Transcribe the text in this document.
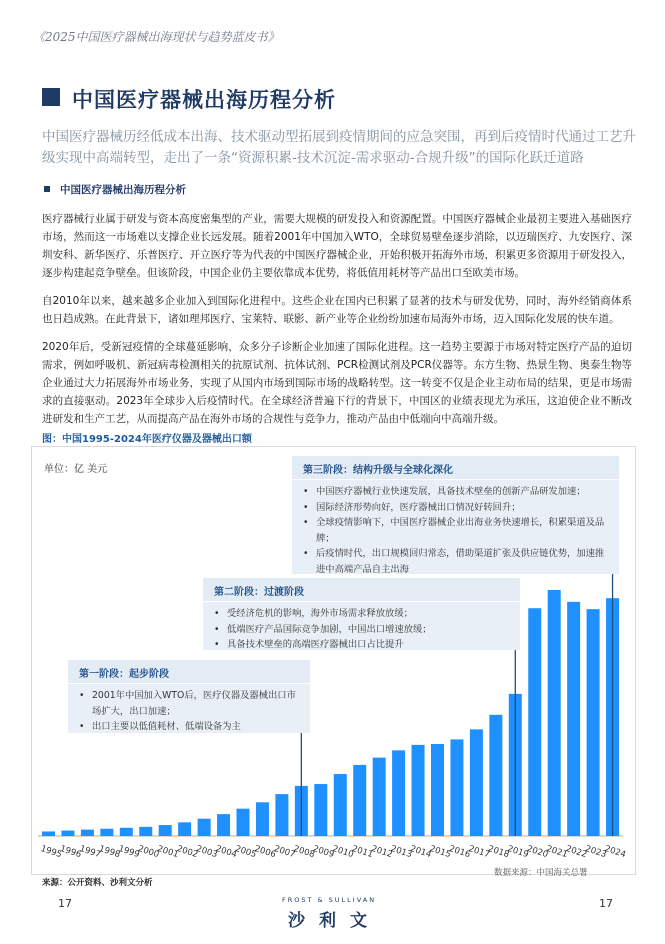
《2025中国医疗器械出海现状与趋势蓝皮书》
中国医疗器械出海历程分析
中国医疗器械历经低成本出海、技术驱动型拓展到疫情期间的应急突围，再到后疫情时代通过工艺升级实现中高端转型，走出了一条“资源积累-技术沉淀-需求驱动-合规升级”的国际化跃迁道路
中国医疗器械出海历程分析
医疗器械行业属于研发与资本高度密集型的产业，需要大规模的研发投入和资源配置。中国医疗器械企业最初主要进入基础医疗市场，然而这一市场难以支撑企业长远发展。随着2001年中国加入WTO，全球贸易壁垒逐步消除，以迈瑞医疗、九安医疗、深圳安科、新华医疗、乐普医疗、开立医疗等为代表的中国医疗器械企业，开始积极开拓海外市场，积累更多资源用于研发投入，逐步构建起竞争壁垒。但该阶段，中国企业仍主要依靠成本优势，将低值用耗材等产品出口至欧美市场。
自2010年以来，越来越多企业加入到国际化进程中。这些企业在国内已积累了显著的技术与研发优势，同时，海外经销商体系也日趋成熟。在此背景下，诸如理邦医疗、宝莱特、联影、新产业等企业纷纷加速布局海外市场，迈入国际化发展的快车道。
2020年后，受新冠疫情的全球蔓延影响，众多分子诊断企业加速了国际化进程。这一趋势主要源于市场对特定医疗产品的迫切需求，例如呼吸机、新冠病毒检测相关的抗原试剂、抗体试剂、PCR检测试剂及PCR仪器等。东方生物、热景生物、奥泰生物等企业通过大力拓展海外市场业务，实现了从国内市场到国际市场的战略转型。这一转变不仅是企业主动布局的结果，更是市场需求的直接驱动。2023年全球步入后疫情时代。在全球经济普遍下行的背景下，中国区的业绩表现尤为承压，这迫使企业不断改进研发和生产工艺，从而提高产品在海外市场的合规性与竞争力，推动产品由中低端向中高端升级。
图：中国1995-2024年医疗仪器及器械出口额
1995
1996
1997
1998
1999
2000
2001
2002
2003
2004
2005
2006
2007
2008
2009
2010
2011
2012
2013
2014
2015
2016
2017
2018
2019
2020
2021
2022
2023
2024
单位：亿 美元	第三阶段：结构升级与全球化深化
• 中国医疗器械行业快速发展，具备技术壁垒的创新产品研发加速；
• 国际经济形势向好，医疗器械出口情况好转回升；
• 全球疫情影响下，中国医疗器械企业出海业务快速增长，积累渠道及品牌；
• 后疫情时代，出口规模回归常态，借助渠道扩张及供应链优势，加速推进中高端产品自主出海
第二阶段：过渡阶段
• 受经济危机的影响，海外市场需求释放放缓；
• 低端医疗产品国际竞争加剧，中国出口增速放缓；
• 具备技术壁垒的高端医疗器械出口占比提升
第一阶段：起步阶段
• 2001年中国加入WTO后，医疗仪器及器械出口市场扩大，出口加速；
• 出口主要以低值耗材、低端设备为主
数据来源：中国海关总署
来源：公开资料、沙利文分析
17	FROST & SULLIVAN
沙利文
17
